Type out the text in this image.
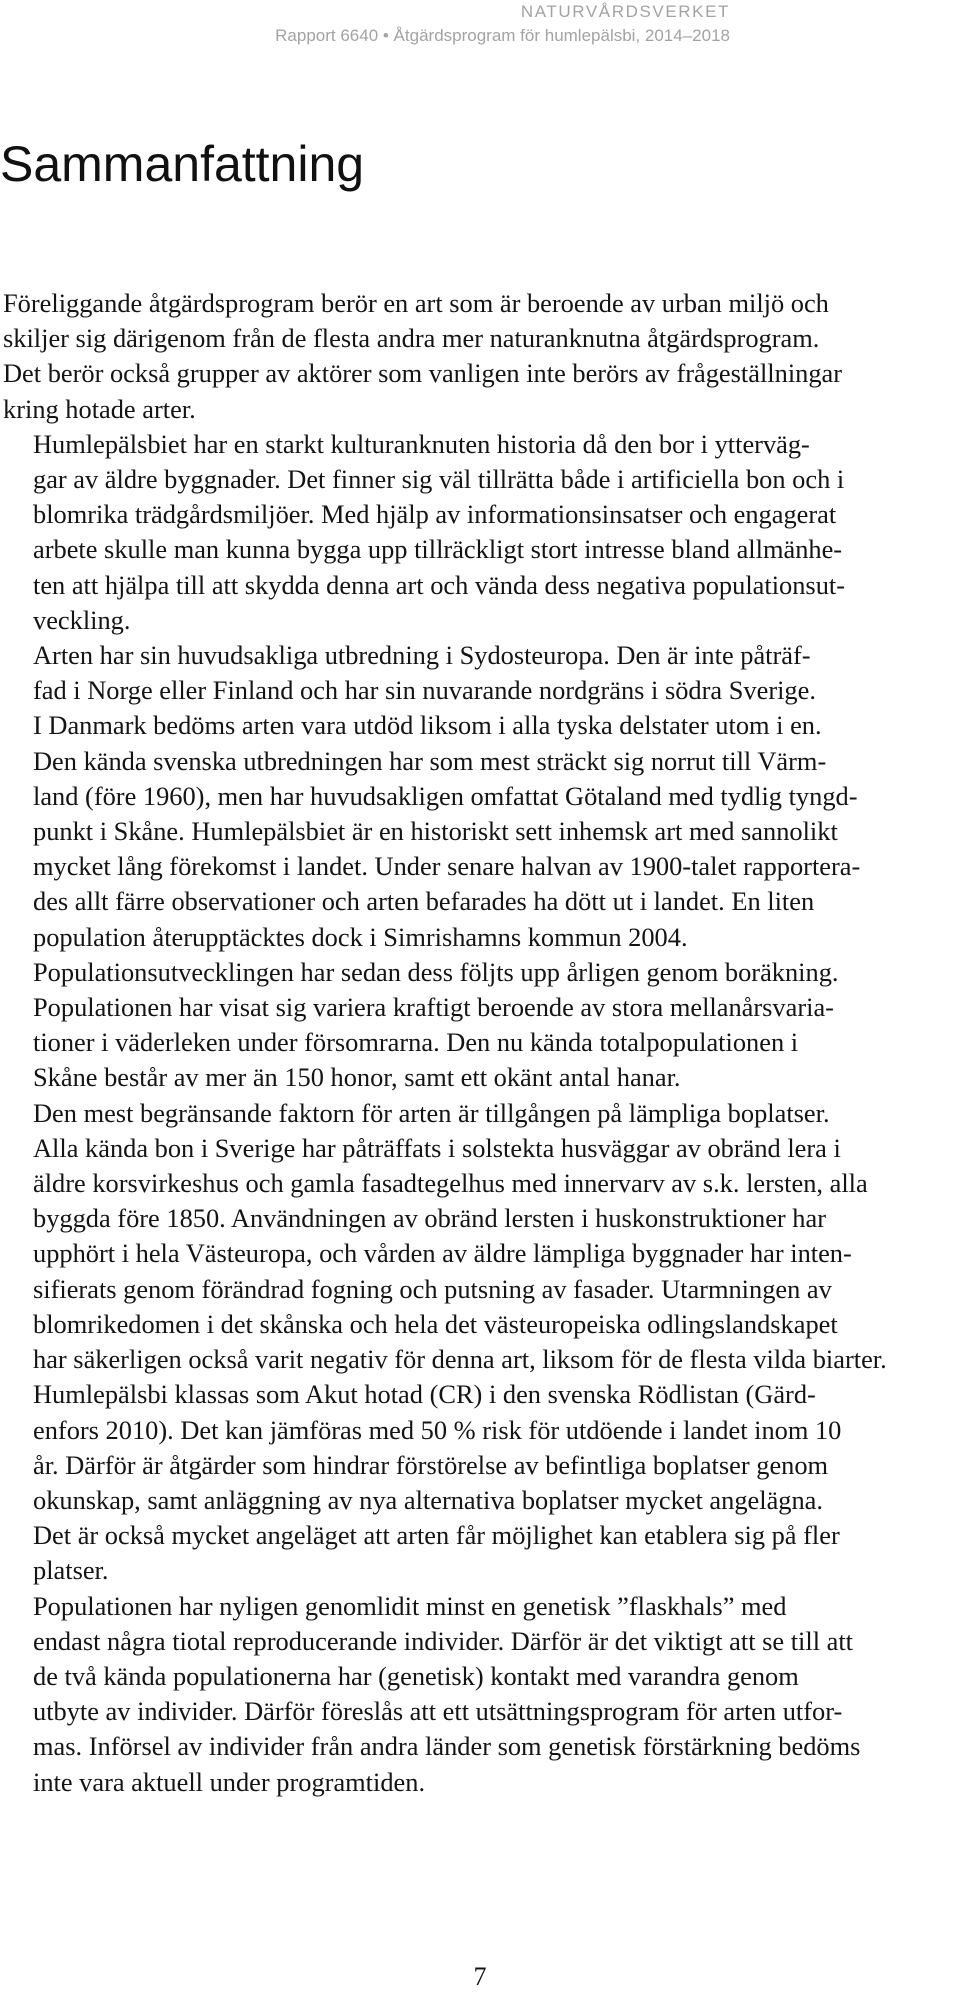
NATURVÅRDSVERKET
Rapport 6640 • Åtgärdsprogram för humlepälsbi, 2014–2018
Sammanfattning

Föreliggande åtgärdsprogram berör en art som är beroende av urban miljö och
skiljer sig därigenom från de flesta andra mer naturanknutna åtgärdsprogram.
Det berör också grupper av aktörer som vanligen inte berörs av frågeställningar
kring hotade arter.

Humlepälsbiet har en starkt kulturanknuten historia då den bor i ytterväg-
gar av äldre byggnader. Det finner sig väl tillrätta både i artificiella bon och i
blomrika trädgårdsmiljöer. Med hjälp av informationsinsatser och engagerat
arbete skulle man kunna bygga upp tillräckligt stort intresse bland allmänhe-
ten att hjälpa till att skydda denna art och vända dess negativa populationsut-
veckling.

Arten har sin huvudsakliga utbredning i Sydosteuropa. Den är inte påträf-
fad i Norge eller Finland och har sin nuvarande nordgräns i södra Sverige.
I Danmark bedöms arten vara utdöd liksom i alla tyska delstater utom i en.
Den kända svenska utbredningen har som mest sträckt sig norrut till Värm-
land (före 1960), men har huvudsakligen omfattat Götaland med tydlig tyngd-
punkt i Skåne. Humlepälsbiet är en historiskt sett inhemsk art med sannolikt
mycket lång förekomst i landet. Under senare halvan av 1900-talet rapportera-
des allt färre observationer och arten befarades ha dött ut i landet. En liten
population återupptäcktes dock i Simrishamns kommun 2004.

Populationsutvecklingen har sedan dess följts upp årligen genom boräkning.
Populationen har visat sig variera kraftigt beroende av stora mellanårsvaria-
tioner i väderleken under försomrarna. Den nu kända totalpopulationen i
Skåne består av mer än 150 honor, samt ett okänt antal hanar.

Den mest begränsande faktorn för arten är tillgången på lämpliga boplatser.
Alla kända bon i Sverige har påträffats i solstekta husväggar av obränd lera i
äldre korsvirkeshus och gamla fasadtegelhus med innervarv av s.k. lersten, alla
byggda före 1850. Användningen av obränd lersten i huskonstruktioner har
upphört i hela Västeuropa, och vården av äldre lämpliga byggnader har inten-
sifierats genom förändrad fogning och putsning av fasader. Utarmningen av
blomrikedomen i det skånska och hela det västeuropeiska odlingslandskapet
har säkerligen också varit negativ för denna art, liksom för de flesta vilda biarter.

Humlepälsbi klassas som Akut hotad (CR) i den svenska Rödlistan (Gärd-
enfors 2010). Det kan jämföras med 50 % risk för utdöende i landet inom 10
år. Därför är åtgärder som hindrar förstörelse av befintliga boplatser genom
okunskap, samt anläggning av nya alternativa boplatser mycket angelägna.
Det är också mycket angeläget att arten får möjlighet kan etablera sig på fler
platser.

Populationen har nyligen genomlidit minst en genetisk ”flaskhals” med
endast några tiotal reproducerande individer. Därför är det viktigt att se till att
de två kända populationerna har (genetisk) kontakt med varandra genom
utbyte av individer. Därför föreslås att ett utsättningsprogram för arten utfor-
mas. Införsel av individer från andra länder som genetisk förstärkning bedöms
inte vara aktuell under programtiden.

7
